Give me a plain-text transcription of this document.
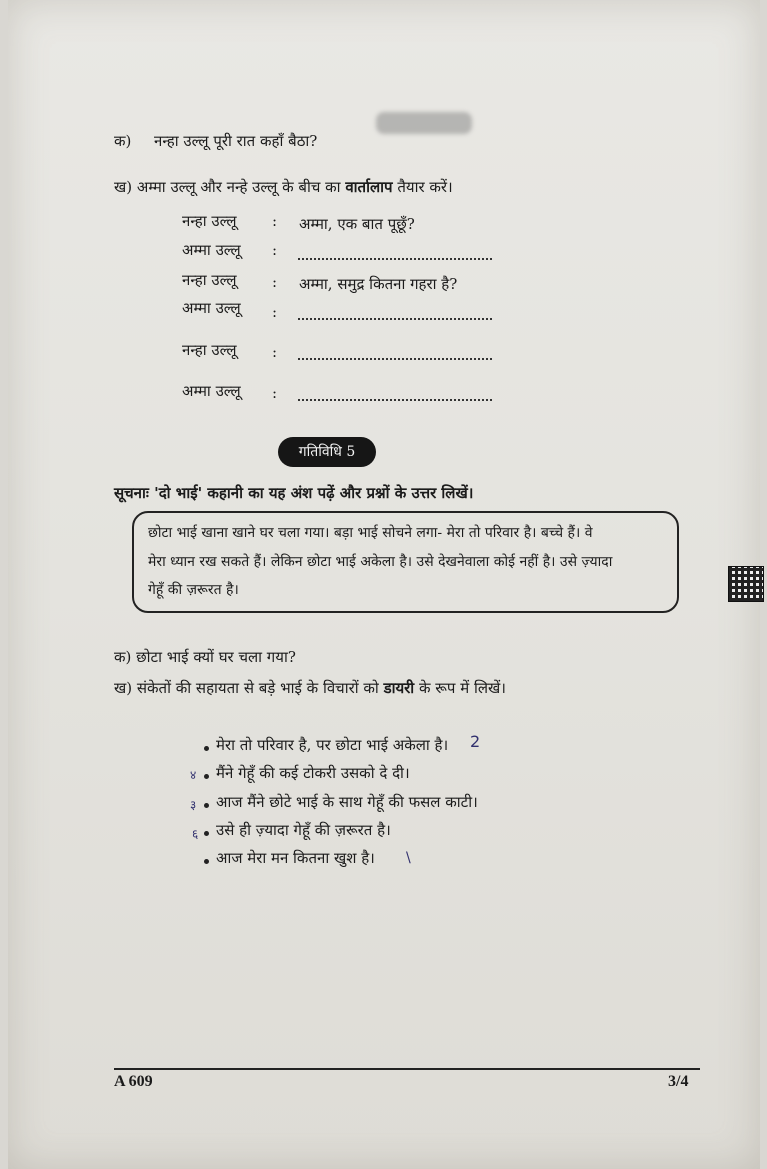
क) नन्हा उल्लू पूरी रात कहाँ बैठा?
ख) अम्मा उल्लू और नन्हे उल्लू के बीच का वार्तालाप तैयार करें।
नन्हा उल्लू : अम्मा, एक बात पूछूँ?
अम्मा उल्लू :
नन्हा उल्लू : अम्मा, समुद्र कितना गहरा है?
अम्मा उल्लू :
नन्हा उल्लू :
अम्मा उल्लू :
गतिविधि 5
सूचनाः 'दो भाई' कहानी का यह अंश पढ़ें और प्रश्नों के उत्तर लिखें।
छोटा भाई खाना खाने घर चला गया। बड़ा भाई सोचने लगा- मेरा तो परिवार है। बच्चे हैं। वे
मेरा ध्यान रख सकते हैं। लेकिन छोटा भाई अकेला है। उसे देखनेवाला कोई नहीं है। उसे ज़्यादा
गेहूँ की ज़रूरत है।
क) छोटा भाई क्यों घर चला गया?
ख) संकेतों की सहायता से बड़े भाई के विचारों को डायरी के रूप में लिखें।
मेरा तो परिवार है, पर छोटा भाई अकेला है। 2
४ मैंने गेहूँ की कई टोकरी उसको दे दी।
३ आज मैंने छोटे भाई के साथ गेहूँ की फसल काटी।
६ उसे ही ज़्यादा गेहूँ की ज़रूरत है।
आज मेरा मन कितना खुश है। \
A 609	3/4
